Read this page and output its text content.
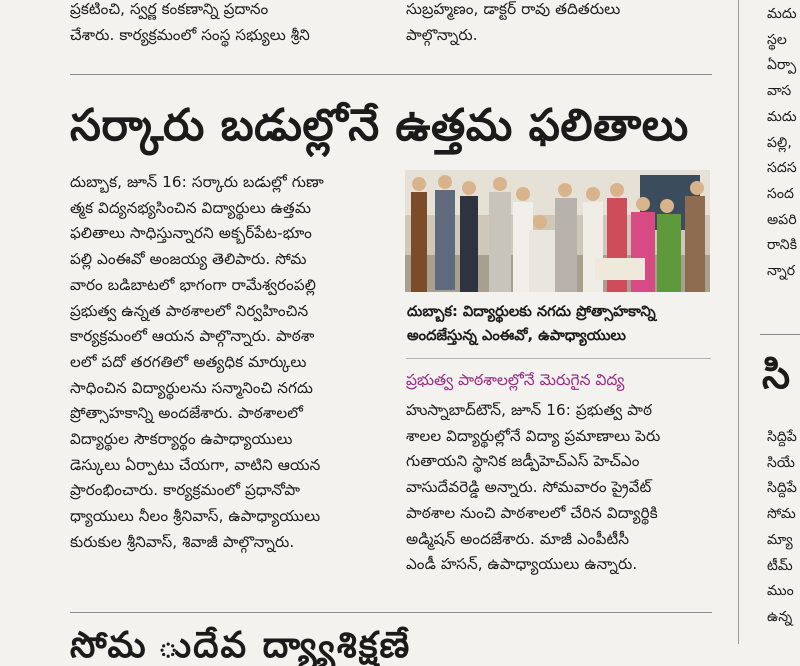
ప్రకటించి, స్వర్ణ కంకణాన్ని ప్రదానం

చేశారు. కార్యక్రమంలో సంస్థ సభ్యులు శ్రీని

సుబ్రహ్మణం, డాక్టర్ రావు తదితరులు

పాల్గొన్నారు.

సర్కారు బడుల్లోనే ఉత్తమ ఫలితాలు

దుబ్బాక, జూన్ 16: సర్కారు బడుల్లో గుణా

త్మక విద్యనభ్యసించిన విద్యార్థులు ఉత్తమ

ఫలితాలు సాధిస్తున్నారని అక్బర్‌పేట-భూం

పల్లి ఎంఈవో అంజయ్య తెలిపారు. సోమ

వారం బడిబాటలో భాగంగా రామేశ్వరంపల్లి

ప్రభుత్వ ఉన్నత పాఠశాలలో నిర్వహించిన

కార్యక్రమంలో ఆయన పాల్గొన్నారు. పాఠశా

లలో పదో తరగతిలో అత్యధిక మార్కులు

సాధించిన విద్యార్థులను సన్మానించి నగదు

ప్రోత్సాహకాన్ని అందజేశారు. పాఠశాలలో

విద్యార్థుల సౌకర్యార్థం ఉపాధ్యాయులు

డెస్కులు ఏర్పాటు చేయగా, వాటిని ఆయన

ప్రారంభించారు. కార్యక్రమంలో ప్రధానోపా

ధ్యాయులు నీలం శ్రీనివాస్, ఉపాధ్యాయులు

కురుకుల శ్రీనివాస్, శివాజీ పాల్గొన్నారు.

దుబ్బాక: విద్యార్థులకు నగదు ప్రోత్సాహకాన్ని
అందజేస్తున్న ఎంఈవో, ఉపాధ్యాయులు

ప్రభుత్వ పాఠశాలల్లోనే మెరుగైన విద్య

హుస్నాబాద్‌టౌన్, జూన్ 16: ప్రభుత్వ పాఠ

శాలల విద్యార్థుల్లోనే విద్యా ప్రమాణాలు పెరు

గుతాయని స్థానిక జడ్పీహెచ్‌ఎస్ హెచ్‌ఎం

వాసుదేవరెడ్డి అన్నారు. సోమవారం ప్రైవేట్

పాఠశాల నుంచి పాఠశాలలో చేరిన విద్యార్థికి

అడ్మిషన్ అందజేశారు. మాజీ ఎంపీటీసీ

ఎండీ హసన్, ఉపాధ్యాయులు ఉన్నారు.

మదు

స్థల

ఏర్పా

వాస

మదు

పల్లి,

సదస

సంద

అపరి

రానికి

న్నార

సి

సిద్దిపే

సియే

సిద్దిపే

సోమ

మ్యా

టీమ్

ముం

ఉన్న

సోమ ుదేవ ద్య్యాశిక్షణే
